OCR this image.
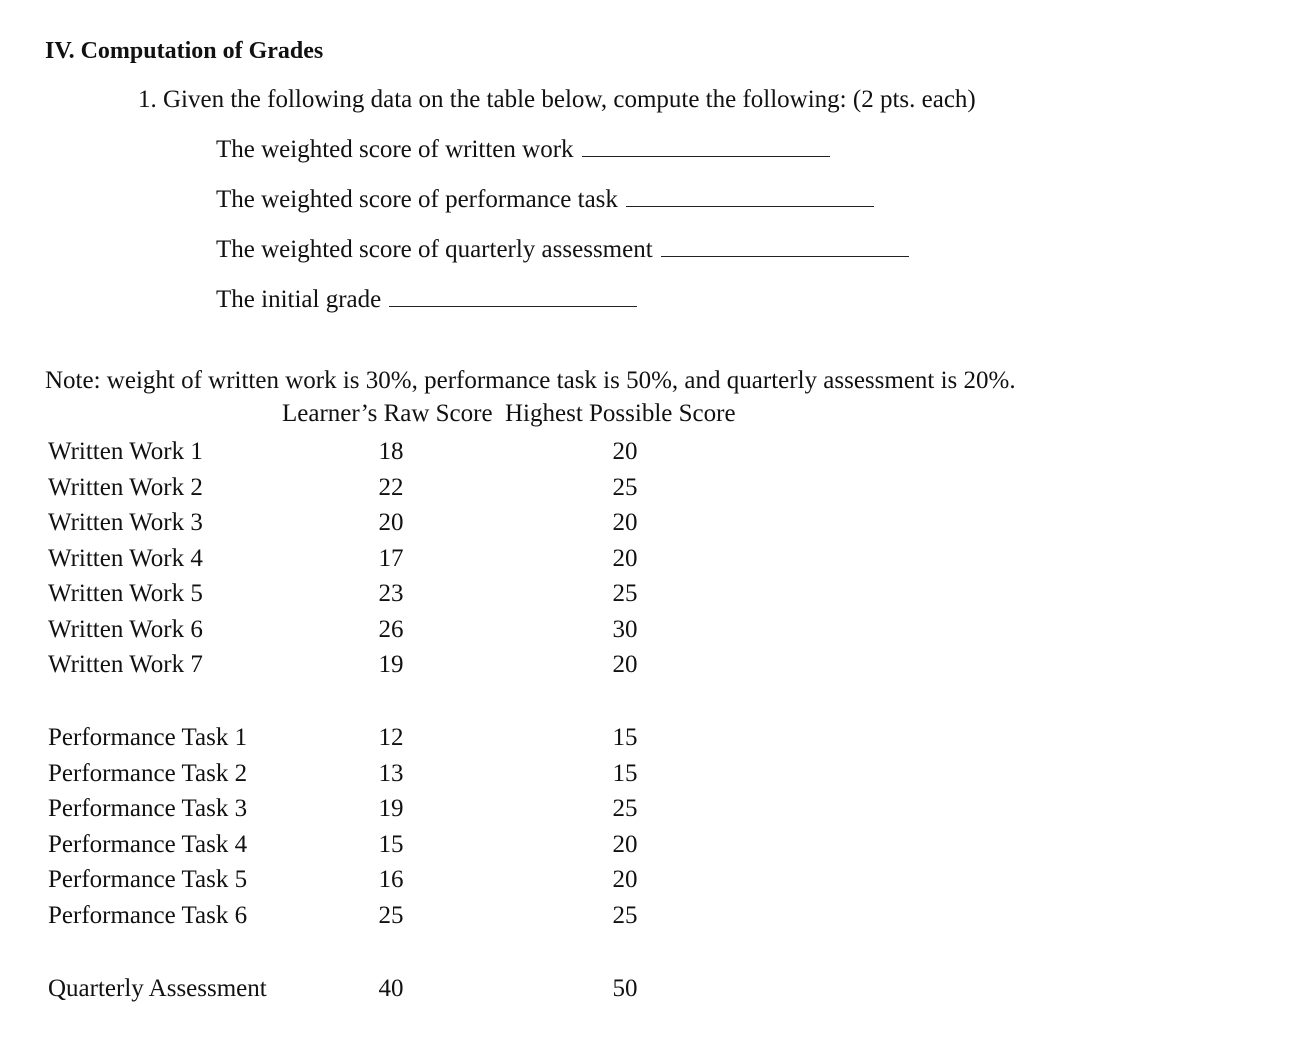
IV. Computation of Grades
1. Given the following data on the table below, compute the following: (2 pts. each)
The weighted score of written work
The weighted score of performance task
The weighted score of quarterly assessment
The initial grade
Note: weight of written work is 30%, performance task is 50%, and quarterly assessment is 20%.
Learner’s Raw Score Highest Possible Score
Written Work 1	18	20
Written Work 2	22	25
Written Work 3	20	20
Written Work 4	17	20
Written Work 5	23	25
Written Work 6	26	30
Written Work 7	19	20
Performance Task 1	12	15
Performance Task 2	13	15
Performance Task 3	19	25
Performance Task 4	15	20
Performance Task 5	16	20
Performance Task 6	25	25
Quarterly Assessment	40	50
